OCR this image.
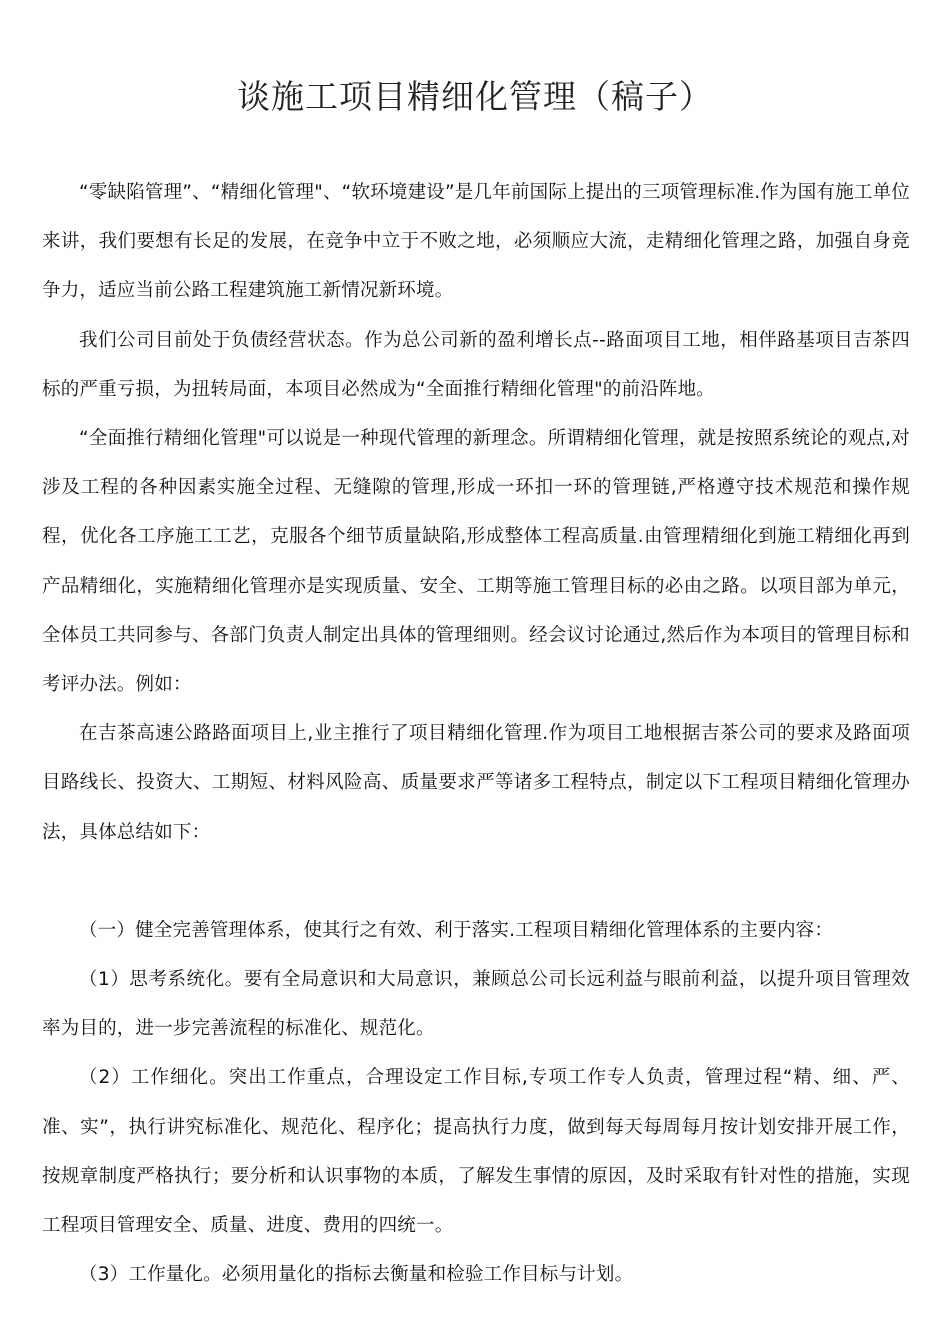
谈施工项目精细化管理（稿子）

“零缺陷管理”、“精细化管理"、“软环境建设”是几年前国际上提出的三项管理标准.作为国有施工单位来讲，我们要想有长足的发展，在竞争中立于不败之地，必须顺应大流，走精细化管理之路，加强自身竞争力，适应当前公路工程建筑施工新情况新环境。

我们公司目前处于负债经营状态。作为总公司新的盈利增长点--路面项目工地，相伴路基项目吉茶四标的严重亏损，为扭转局面，本项目必然成为“全面推行精细化管理"的前沿阵地。

“全面推行精细化管理"可以说是一种现代管理的新理念。所谓精细化管理，就是按照系统论的观点,对涉及工程的各种因素实施全过程、无缝隙的管理,形成一环扣一环的管理链,严格遵守技术规范和操作规程，优化各工序施工工艺，克服各个细节质量缺陷,形成整体工程高质量.由管理精细化到施工精细化再到产品精细化，实施精细化管理亦是实现质量、安全、工期等施工管理目标的必由之路。以项目部为单元，全体员工共同参与、各部门负责人制定出具体的管理细则。经会议讨论通过,然后作为本项目的管理目标和考评办法。例如：

在吉茶高速公路路面项目上,业主推行了项目精细化管理.作为项目工地根据吉茶公司的要求及路面项目路线长、投资大、工期短、材料风险高、质量要求严等诸多工程特点，制定以下工程项目精细化管理办法，具体总结如下：

（一）健全完善管理体系，使其行之有效、利于落实.工程项目精细化管理体系的主要内容：

（1）思考系统化。要有全局意识和大局意识，兼顾总公司长远利益与眼前利益，以提升项目管理效率为目的，进一步完善流程的标准化、规范化。

（2）工作细化。突出工作重点，合理设定工作目标,专项工作专人负责，管理过程“精、细、严、准、实”，执行讲究标准化、规范化、程序化；提高执行力度，做到每天每周每月按计划安排开展工作，按规章制度严格执行；要分析和认识事物的本质，了解发生事情的原因，及时采取有针对性的措施，实现工程项目管理安全、质量、进度、费用的四统一。

（3）工作量化。必须用量化的指标去衡量和检验工作目标与计划。
